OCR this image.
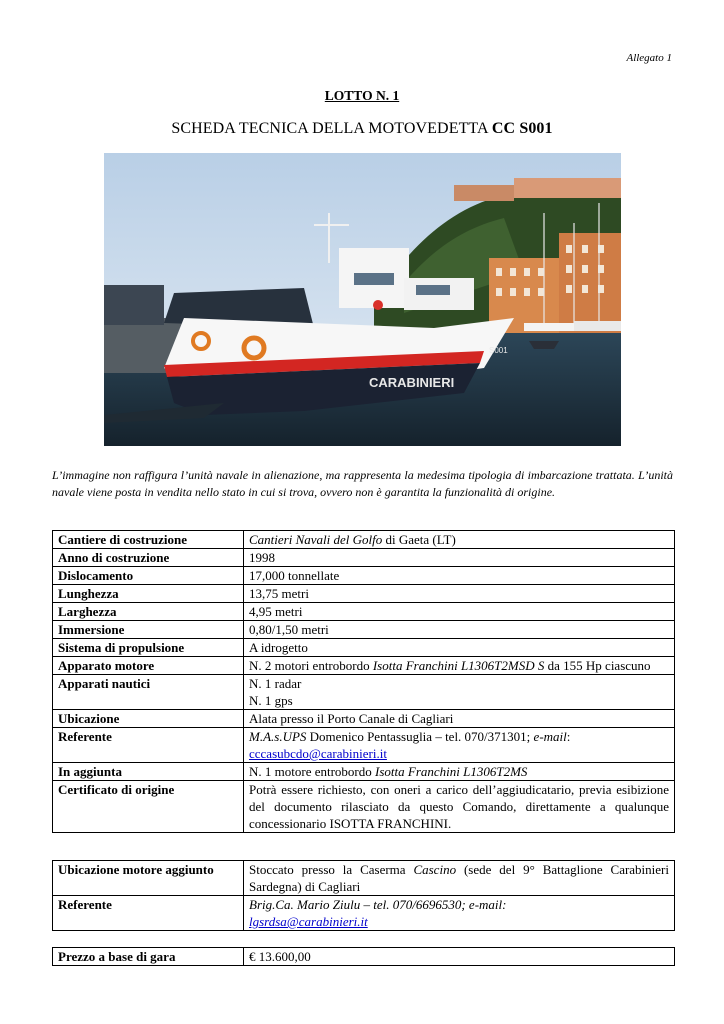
Allegato 1
LOTTO N. 1
SCHEDA TECNICA DELLA MOTOVEDETTA CC S001
CARABINIERI
S001
L’immagine non raffigura l’unità navale in alienazione, ma rappresenta la medesima tipologia di imbarcazione trattata. L’unità navale viene posta in vendita nello stato in cui si trova, ovvero non è garantita la funzionalità di origine.
Cantiere di costruzione	Cantieri Navali del Golfo di Gaeta (LT)
Anno di costruzione	1998
Dislocamento	17,000 tonnellate
Lunghezza	13,75 metri
Larghezza	4,95 metri
Immersione	0,80/1,50 metri
Sistema di propulsione	A idrogetto
Apparato motore	N. 2 motori entrobordo Isotta Franchini L1306T2MSD S da 155 Hp ciascuno
Apparati nautici	N. 1 radar
N. 1 gps

Ubicazione	Alata presso il Porto Canale di Cagliari
Referente	M.A.s.UPS Domenico Pentassuglia – tel. 070/371301; e-mail:
cccasubcdo@carabinieri.it
In aggiunta	N. 1 motore entrobordo Isotta Franchini L1306T2MS
Certificato di origine	Potrà essere richiesto, con oneri a carico dell’aggiudicatario, previa esibizione del documento rilasciato da questo Comando, direttamente a qualunque concessionario ISOTTA FRANCHINI.
Ubicazione motore aggiunto	Stoccato presso la Caserma Cascino (sede del 9° Battaglione Carabinieri Sardegna) di Cagliari
Referente	Brig.Ca. Mario Ziulu – tel. 070/6696530; e-mail:
lgsrdsa@carabinieri.it
Prezzo a base di gara	€ 13.600,00
